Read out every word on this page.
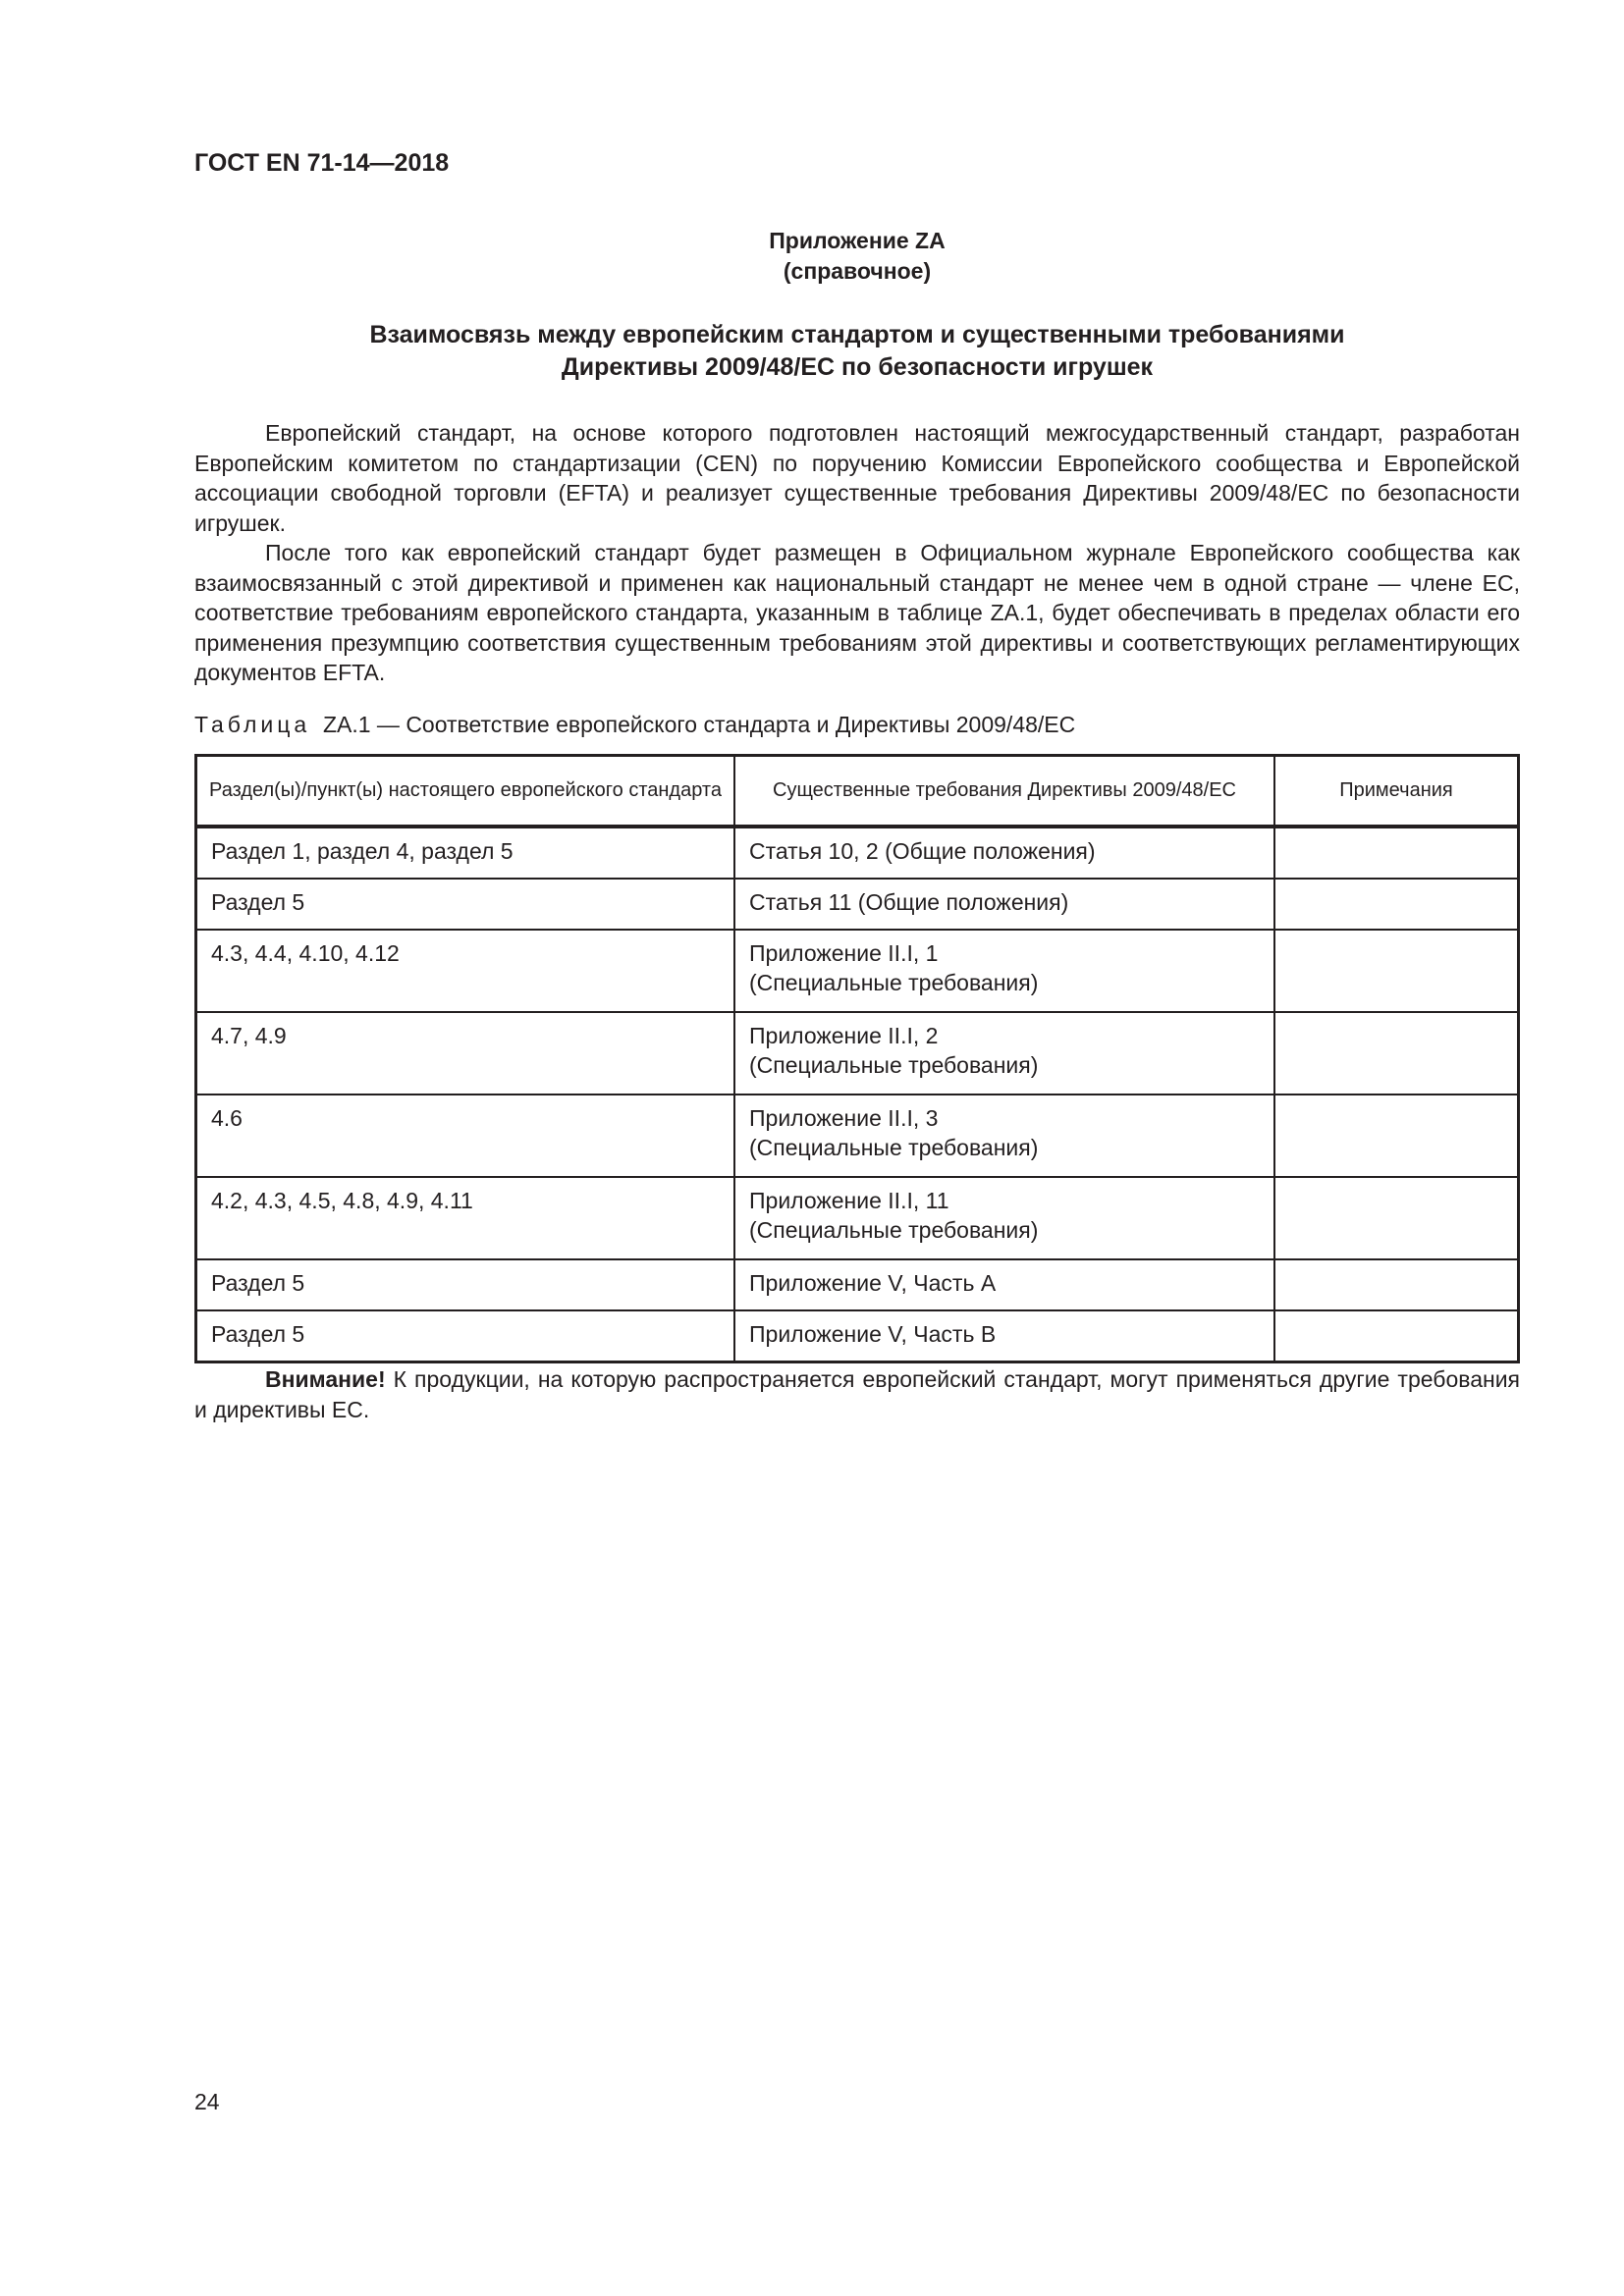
ГОСТ EN 71-14—2018
Приложение ZA
(справочное)
Взаимосвязь между европейским стандартом и существенными требованиями
Директивы 2009/48/ЕС по безопасности игрушек

Европейский стандарт, на основе которого подготовлен настоящий межгосударственный стандарт, разработан Европейским комитетом по стандартизации (CEN) по поручению Комиссии Европейского сообщества и Европейской ассоциации свободной торговли (EFTA) и реализует существенные требования Директивы 2009/48/ЕС по безопасности игрушек.

После того как европейский стандарт будет размещен в Официальном журнале Европейского сообщества как взаимосвязанный с этой директивой и применен как национальный стандарт не менее чем в одной стране — члене ЕС, соответствие требованиям европейского стандарта, указанным в таблице ZA.1, будет обеспечивать в пределах области его применения презумпцию соответствия существенным требованиям этой директивы и соответствующих регламентирующих документов EFTA.

Таблица ZA.1 — Соответствие европейского стандарта и Директивы 2009/48/ЕС
Раздел(ы)/пункт(ы) настоящего европейского стандарта	Существенные требования Директивы 2009/48/ЕС	Примечания
Раздел 1, раздел 4, раздел 5	Статья 10, 2 (Общие положения)	

Раздел 5	Статья 11 (Общие положения)	

4.3, 4.4, 4.10, 4.12	Приложение II.I, 1
(Специальные требования)	

4.7, 4.9	Приложение II.I, 2
(Специальные требования)	

4.6	Приложение II.I, 3
(Специальные требования)	

4.2, 4.3, 4.5, 4.8, 4.9, 4.11	Приложение II.I, 11
(Специальные требования)	

Раздел 5	Приложение V, Часть А	

Раздел 5	Приложение V, Часть В	

Внимание! К продукции, на которую распространяется европейский стандарт, могут применяться другие требования и директивы ЕС.

24
